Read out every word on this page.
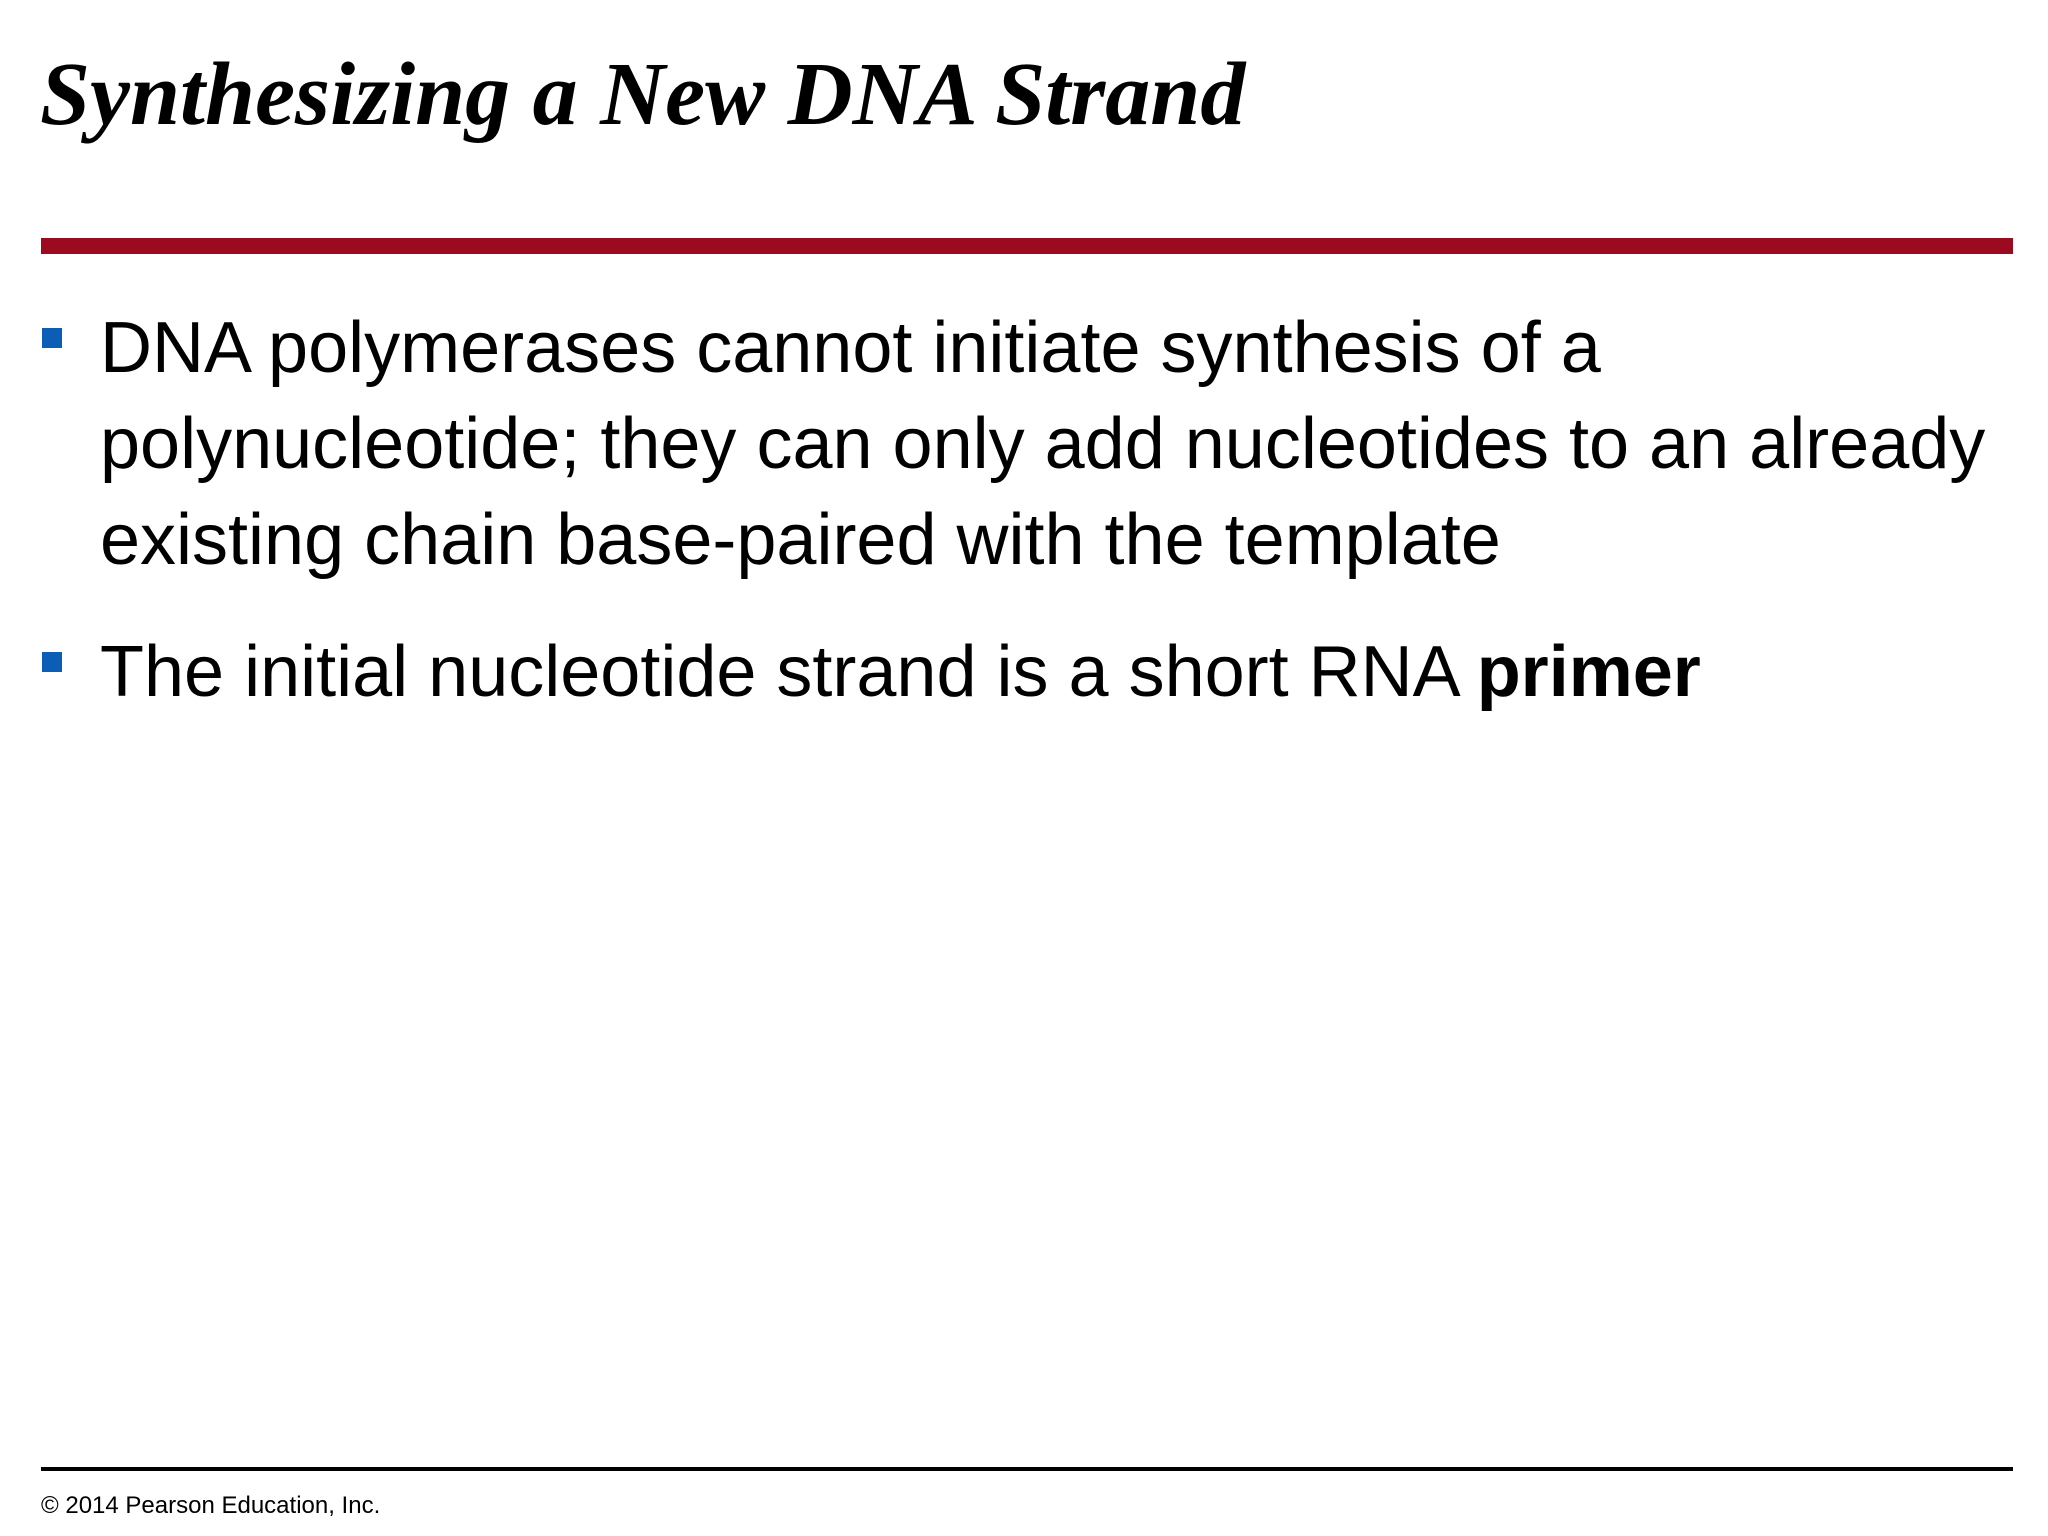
Synthesizing a New DNA Strand
DNA polymerases cannot initiate synthesis of a polynucleotide; they can only add nucleotides to an already existing chain base-paired with the template
The initial nucleotide strand is a short RNA primer
© 2014 Pearson Education, Inc.
